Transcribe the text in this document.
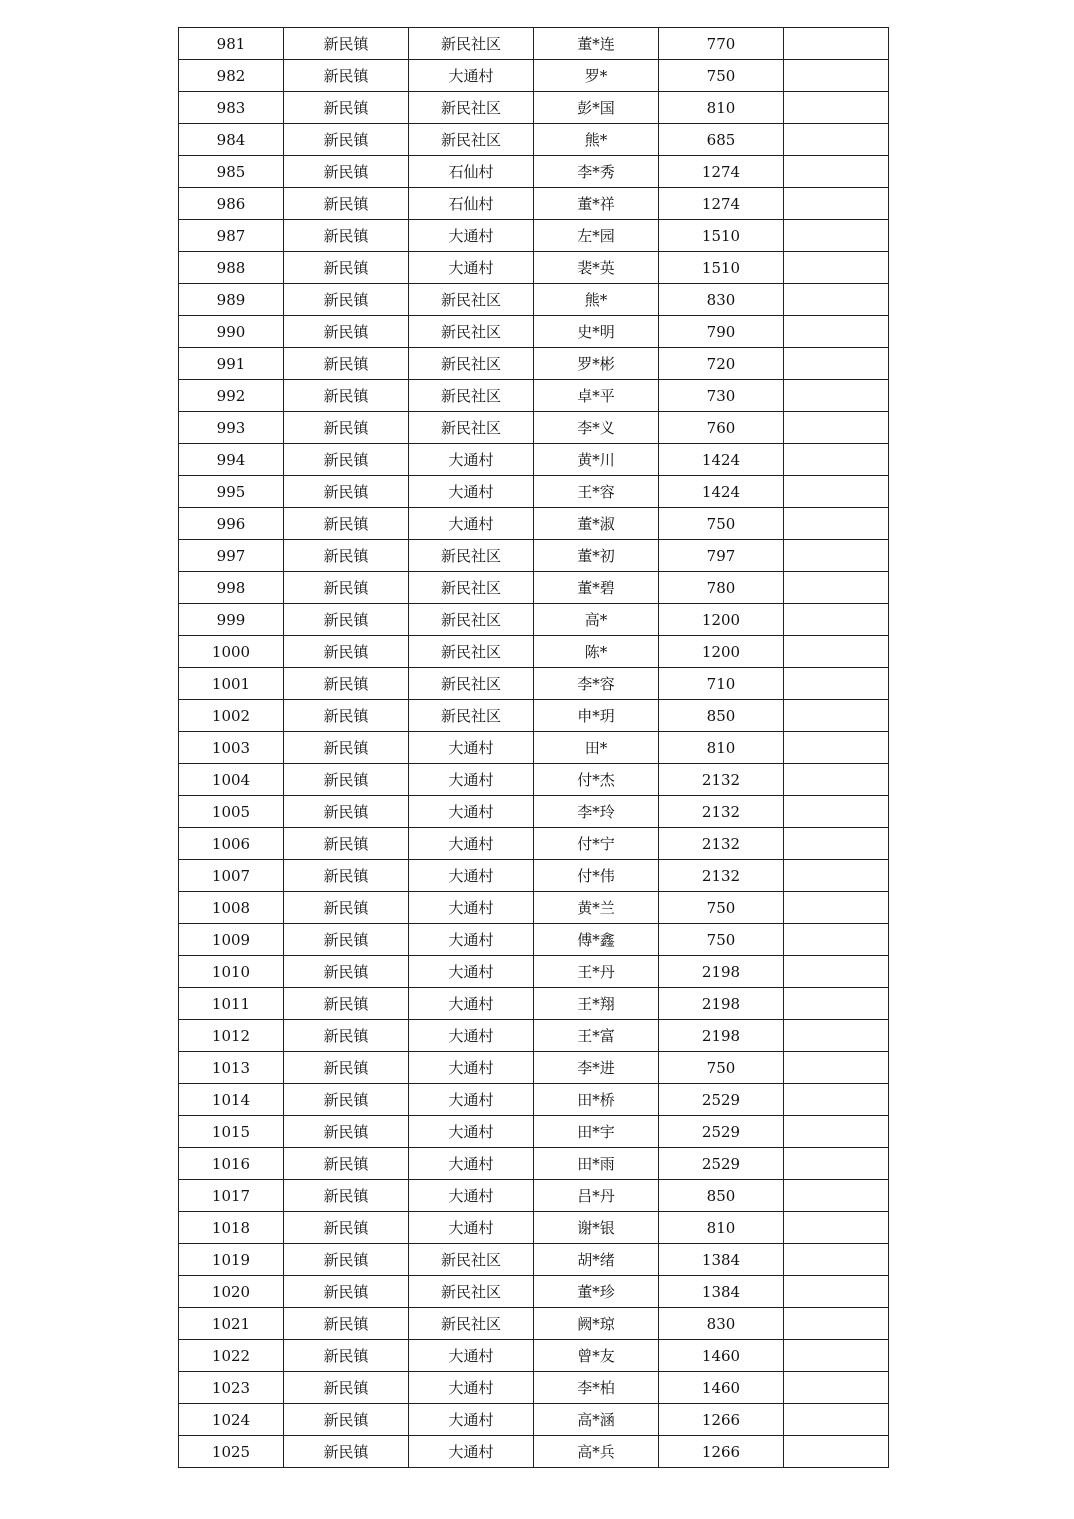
981	新民镇	新民社区	董*连	770	
982	新民镇	大通村	罗*	750	
983	新民镇	新民社区	彭*国	810	
984	新民镇	新民社区	熊*	685	
985	新民镇	石仙村	李*秀	1274	
986	新民镇	石仙村	董*祥	1274	
987	新民镇	大通村	左*园	1510	
988	新民镇	大通村	裴*英	1510	
989	新民镇	新民社区	熊*	830	
990	新民镇	新民社区	史*明	790	
991	新民镇	新民社区	罗*彬	720	
992	新民镇	新民社区	卓*平	730	
993	新民镇	新民社区	李*义	760	
994	新民镇	大通村	黄*川	1424	
995	新民镇	大通村	王*容	1424	
996	新民镇	大通村	董*淑	750	
997	新民镇	新民社区	董*初	797	
998	新民镇	新民社区	董*碧	780	
999	新民镇	新民社区	高*	1200	
1000	新民镇	新民社区	陈*	1200	
1001	新民镇	新民社区	李*容	710	
1002	新民镇	新民社区	申*玥	850	
1003	新民镇	大通村	田*	810	
1004	新民镇	大通村	付*杰	2132	
1005	新民镇	大通村	李*玲	2132	
1006	新民镇	大通村	付*宁	2132	
1007	新民镇	大通村	付*伟	2132	
1008	新民镇	大通村	黄*兰	750	
1009	新民镇	大通村	傅*鑫	750	
1010	新民镇	大通村	王*丹	2198	
1011	新民镇	大通村	王*翔	2198	
1012	新民镇	大通村	王*富	2198	
1013	新民镇	大通村	李*进	750	
1014	新民镇	大通村	田*桥	2529	
1015	新民镇	大通村	田*宇	2529	
1016	新民镇	大通村	田*雨	2529	
1017	新民镇	大通村	吕*丹	850	
1018	新民镇	大通村	谢*银	810	
1019	新民镇	新民社区	胡*绪	1384	
1020	新民镇	新民社区	董*珍	1384	
1021	新民镇	新民社区	阙*琼	830	
1022	新民镇	大通村	曾*友	1460	
1023	新民镇	大通村	李*柏	1460	
1024	新民镇	大通村	高*涵	1266	
1025	新民镇	大通村	高*兵	1266	
